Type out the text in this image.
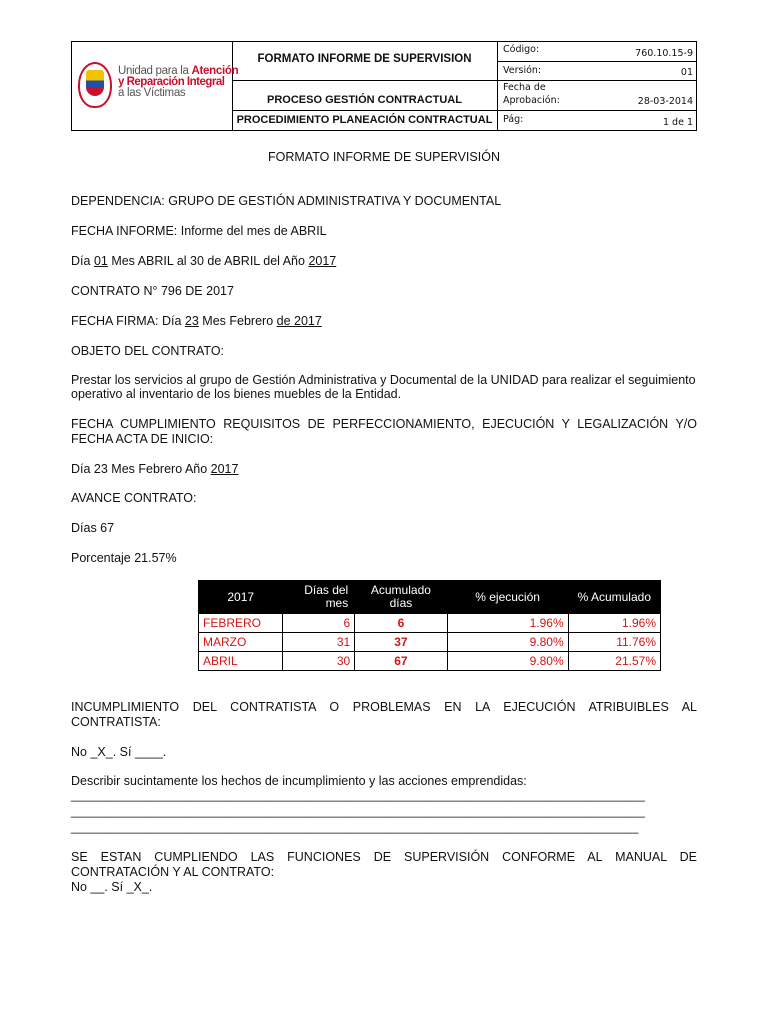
Unidad para la Atención
y Reparación Integral
a las Víctimas
FORMATO INFORME DE SUPERVISION
PROCESO GESTIÓN CONTRACTUAL
PROCEDIMIENTO PLANEACIÓN CONTRACTUAL
Código:	760.10.15-9
Versión:	01
Fecha de
Aprobación:	28-03-2014
Pág:	1 de 1
FORMATO INFORME DE SUPERVISIÓN
DEPENDENCIA: GRUPO DE GESTIÓN ADMINISTRATIVA Y DOCUMENTAL
FECHA INFORME: Informe del mes de ABRIL
Día 01 Mes ABRIL al 30 de ABRIL del Año 2017
CONTRATO N° 796 DE 2017
FECHA FIRMA: Día 23 Mes Febrero de 2017
OBJETO DEL CONTRATO:
Prestar los servicios al grupo de Gestión Administrativa y Documental de la UNIDAD para realizar el seguimiento
operativo al inventario de los bienes muebles de la Entidad.
FECHA CUMPLIMIENTO REQUISITOS DE PERFECCIONAMIENTO, EJECUCIÓN Y LEGALIZACIÓN Y/O
FECHA ACTA DE INICIO:
Día 23 Mes Febrero Año 2017
AVANCE CONTRATO:
Días 67
Porcentaje 21.57%
2017	Días del mes	Acumulado días	% ejecución	% Acumulado
FEBRERO	6	6	1.96%	1.96%
MARZO	31	37	9.80%	11.76%
ABRIL	30	67	9.80%	21.57%
INCUMPLIMIENTO DEL CONTRATISTA O PROBLEMAS EN LA EJECUCIÓN ATRIBUIBLES AL
CONTRATISTA:
No _X_. Sí ____.
Describir sucintamente los hechos de incumplimiento y las acciones emprendidas:
______________________________________________________________________________________
______________________________________________________________________________________
_____________________________________________________________________________________
SE ESTAN CUMPLIENDO LAS FUNCIONES DE SUPERVISIÓN CONFORME AL MANUAL DE
CONTRATACIÓN Y AL CONTRATO:
No __. Sí _X_.
